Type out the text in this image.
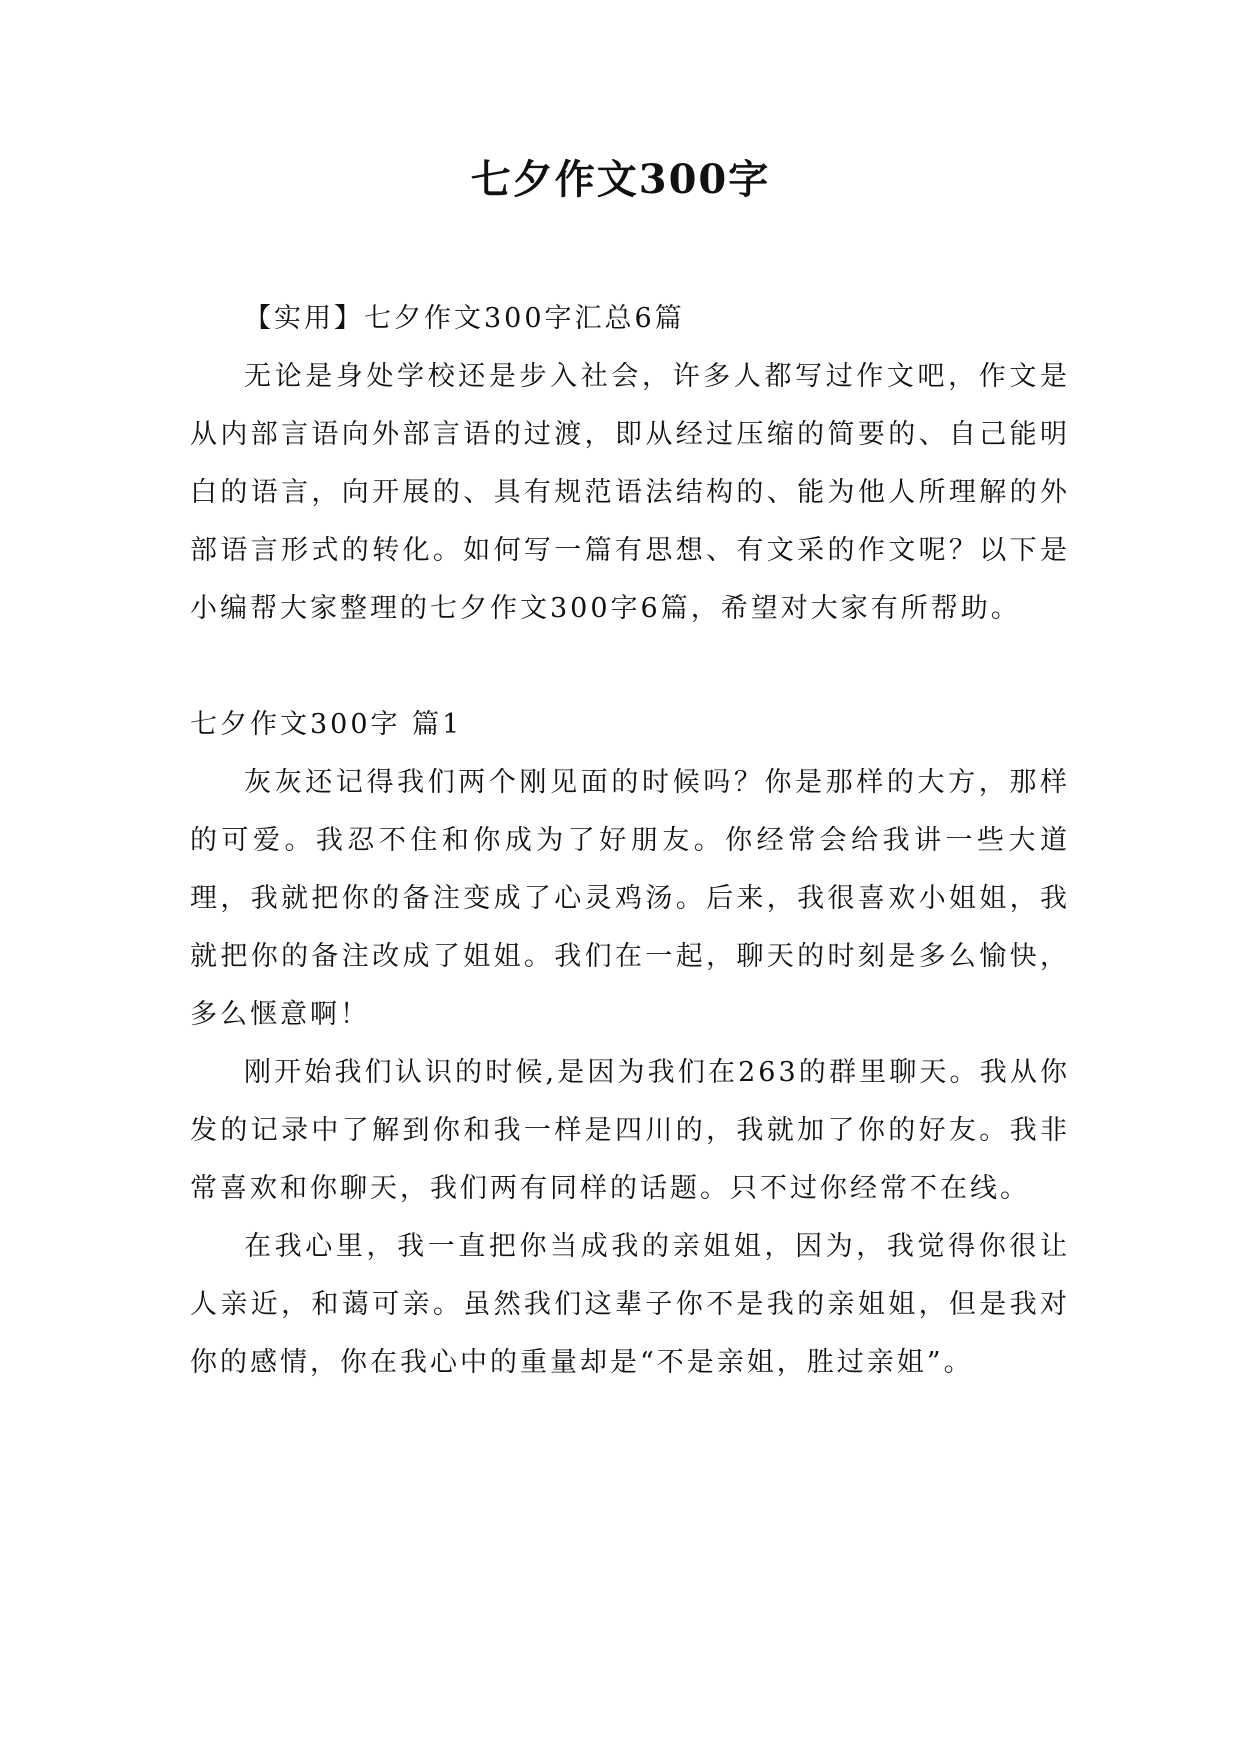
七夕作文300字

【实用】七夕作文300字汇总6篇

无论是身处学校还是步入社会，许多人都写过作文吧，作文是从内部言语向外部言语的过渡，即从经过压缩的简要的、自己能明白的语言，向开展的、具有规范语法结构的、能为他人所理解的外部语言形式的转化。如何写一篇有思想、有文采的作文呢？以下是小编帮大家整理的七夕作文300字6篇，希望对大家有所帮助。

七夕作文300字 篇1

灰灰还记得我们两个刚见面的时候吗？你是那样的大方，那样的可爱。我忍不住和你成为了好朋友。你经常会给我讲一些大道理，我就把你的备注变成了心灵鸡汤。后来，我很喜欢小姐姐，我就把你的备注改成了姐姐。我们在一起，聊天的时刻是多么愉快，多么惬意啊！

刚开始我们认识的时候,是因为我们在263的群里聊天。我从你发的记录中了解到你和我一样是四川的，我就加了你的好友。我非常喜欢和你聊天，我们两有同样的话题。只不过你经常不在线。

在我心里，我一直把你当成我的亲姐姐，因为，我觉得你很让人亲近，和蔼可亲。虽然我们这辈子你不是我的亲姐姐，但是我对你的感情，你在我心中的重量却是“不是亲姐，胜过亲姐”。
